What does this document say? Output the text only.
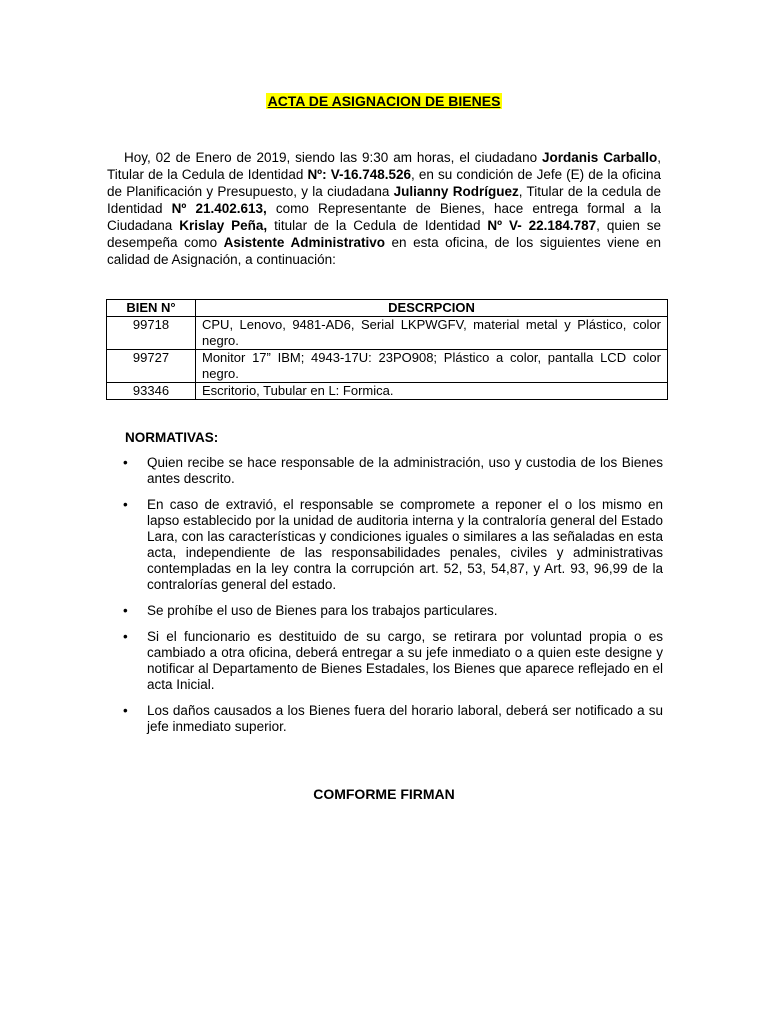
ACTA DE ASIGNACION DE BIENES

Hoy, 02 de Enero de 2019, siendo las 9:30 am horas, el ciudadano Jordanis Carballo, Titular de la Cedula de Identidad Nº: V-16.748.526, en su condición de Jefe (E) de la oficina de Planificación y Presupuesto, y la ciudadana Julianny Rodríguez, Titular de la cedula de Identidad Nº 21.402.613, como Representante de Bienes, hace entrega formal a la Ciudadana Krislay Peña, titular de la Cedula de Identidad Nº V- 22.184.787, quien se desempeña como Asistente Administrativo en esta oficina, de los siguientes viene en calidad de Asignación, a continuación:

BIEN N°	DESCRPCION
99718	CPU, Lenovo, 9481-AD6, Serial LKPWGFV, material metal y Plástico, color negro.
99727	Monitor 17” IBM; 4943-17U: 23PO908; Plástico a color, pantalla LCD color negro.
93346	Escritorio, Tubular en L: Formica.
NORMATIVAS:
• Quien recibe se hace responsable de la administración, uso y custodia de los Bienes antes descrito.
• En caso de extravió, el responsable se compromete a reponer el o los mismo en lapso establecido por la unidad de auditoria interna y la contraloría general del Estado Lara, con las características y condiciones iguales o similares a las señaladas en esta acta, independiente de las responsabilidades penales, civiles y administrativas contempladas en la ley contra la corrupción art. 52, 53, 54,87, y Art. 93, 96,99 de la contralorías general del estado.
• Se prohíbe el uso de Bienes para los trabajos particulares.
• Si el funcionario es destituido de su cargo, se retirara por voluntad propia o es cambiado a otra oficina, deberá entregar a su jefe inmediato o a quien este designe y notificar al Departamento de Bienes Estadales, los Bienes que aparece reflejado en el acta Inicial.
• Los daños causados a los Bienes fuera del horario laboral, deberá ser notificado a su jefe inmediato superior.
COMFORME FIRMAN
